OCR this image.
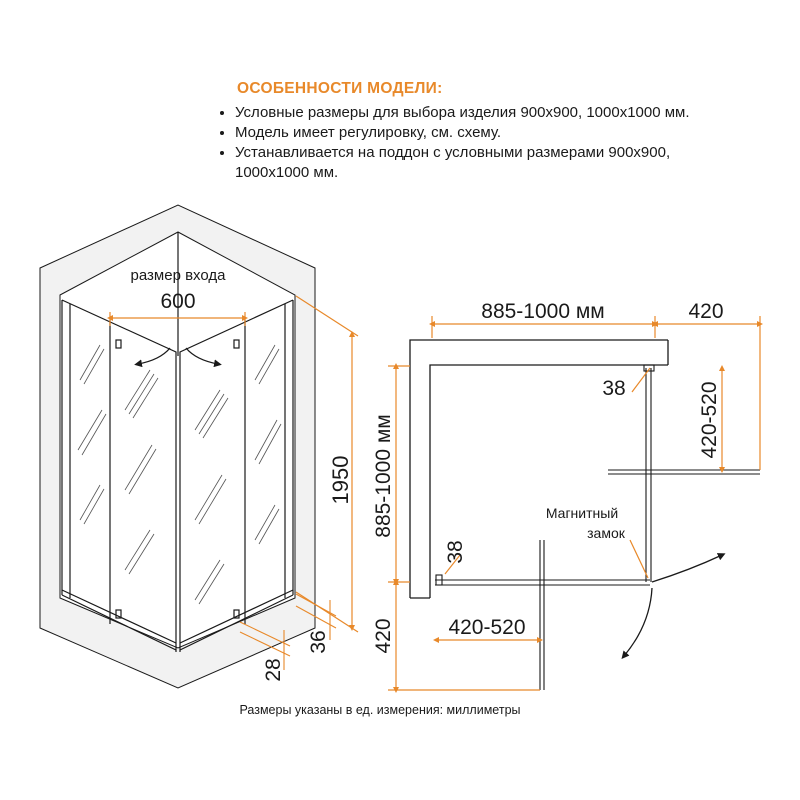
ОСОБЕННОСТИ МОДЕЛИ:
• Условные размеры для выбора изделия 900х900, 1000х1000 мм.
• Модель имеет регулировку, см. схему.
• Устанавливается на поддон с условными размерами 900х900, 1000х1000 мм.
размер входа
600
1950
36
28
885-1000 мм	420
38
885-1000 мм
420
38
420-520
420-520
Магнитный
замок
Размеры указаны в ед. измерения: миллиметры
